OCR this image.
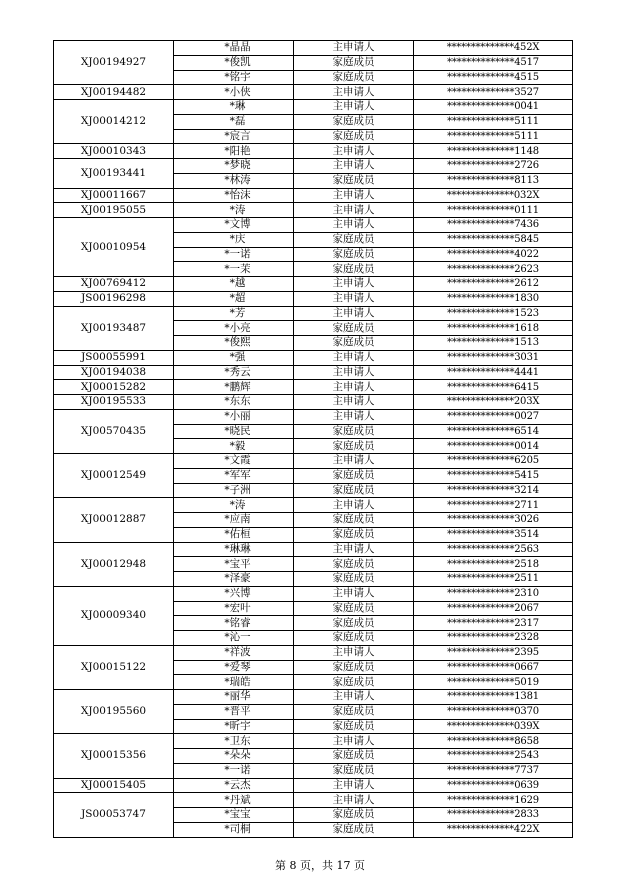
XJ00194927	*晶晶	主申请人	**************452X
	*俊凯	家庭成员	**************4517
	*铭宇	家庭成员	**************4515
XJ00194482	*小侠	主申请人	**************3527
XJ00014212	*琳	主申请人	**************0041
	*磊	家庭成员	**************5111
	*宸言	家庭成员	**************5111
XJ00010343	*阳艳	主申请人	**************1148
XJ00193441	*梦晓	主申请人	**************2726
	*林涛	家庭成员	**************8113
XJ00011667	*怡沫	主申请人	**************032X
XJ00195055	*涛	主申请人	**************0111
XJ00010954	*文博	主申请人	**************7436
	*庆	家庭成员	**************5845
	*一诺	家庭成员	**************4022
	*一茉	家庭成员	**************2623
XJ00769412	*越	主申请人	**************2612
JS00196298	*超	主申请人	**************1830
XJ00193487	*芳	主申请人	**************1523
	*小亮	家庭成员	**************1618
	*俊熙	家庭成员	**************1513
JS00055991	*强	主申请人	**************3031
XJ00194038	*秀云	主申请人	**************4441
XJ00015282	*鹏辉	主申请人	**************6415
XJ00195533	*东东	主申请人	**************203X
XJ00570435	*小丽	主申请人	**************0027
	*晓民	家庭成员	**************6514
	*毅	家庭成员	**************0014
XJ00012549	*文霞	主申请人	**************6205
	*军军	家庭成员	**************5415
	*子洲	家庭成员	**************3214
XJ00012887	*涛	主申请人	**************2711
	*应南	家庭成员	**************3026
	*佑桓	家庭成员	**************3514
XJ00012948	*琳琳	主申请人	**************2563
	*宝平	家庭成员	**************2518
	*泽豪	家庭成员	**************2511
XJ00009340	*兴博	主申请人	**************2310
	*宏叶	家庭成员	**************2067
	*铭睿	家庭成员	**************2317
	*沁一	家庭成员	**************2328
XJ00015122	*祥波	主申请人	**************2395
	*爱琴	家庭成员	**************0667
	*瑞皓	家庭成员	**************5019
XJ00195560	*丽华	主申请人	**************1381
	*晋平	家庭成员	**************0370
	*昕宇	家庭成员	**************039X
XJ00015356	*卫东	主申请人	**************8658
	*朵朵	家庭成员	**************2543
	*一诺	家庭成员	**************7737
XJ00015405	*云杰	主申请人	**************0639
JS00053747	*丹斌	主申请人	**************1629
	*宝宝	家庭成员	**************2833
	*司桐	家庭成员	**************422X
第 8 页，共 17 页
